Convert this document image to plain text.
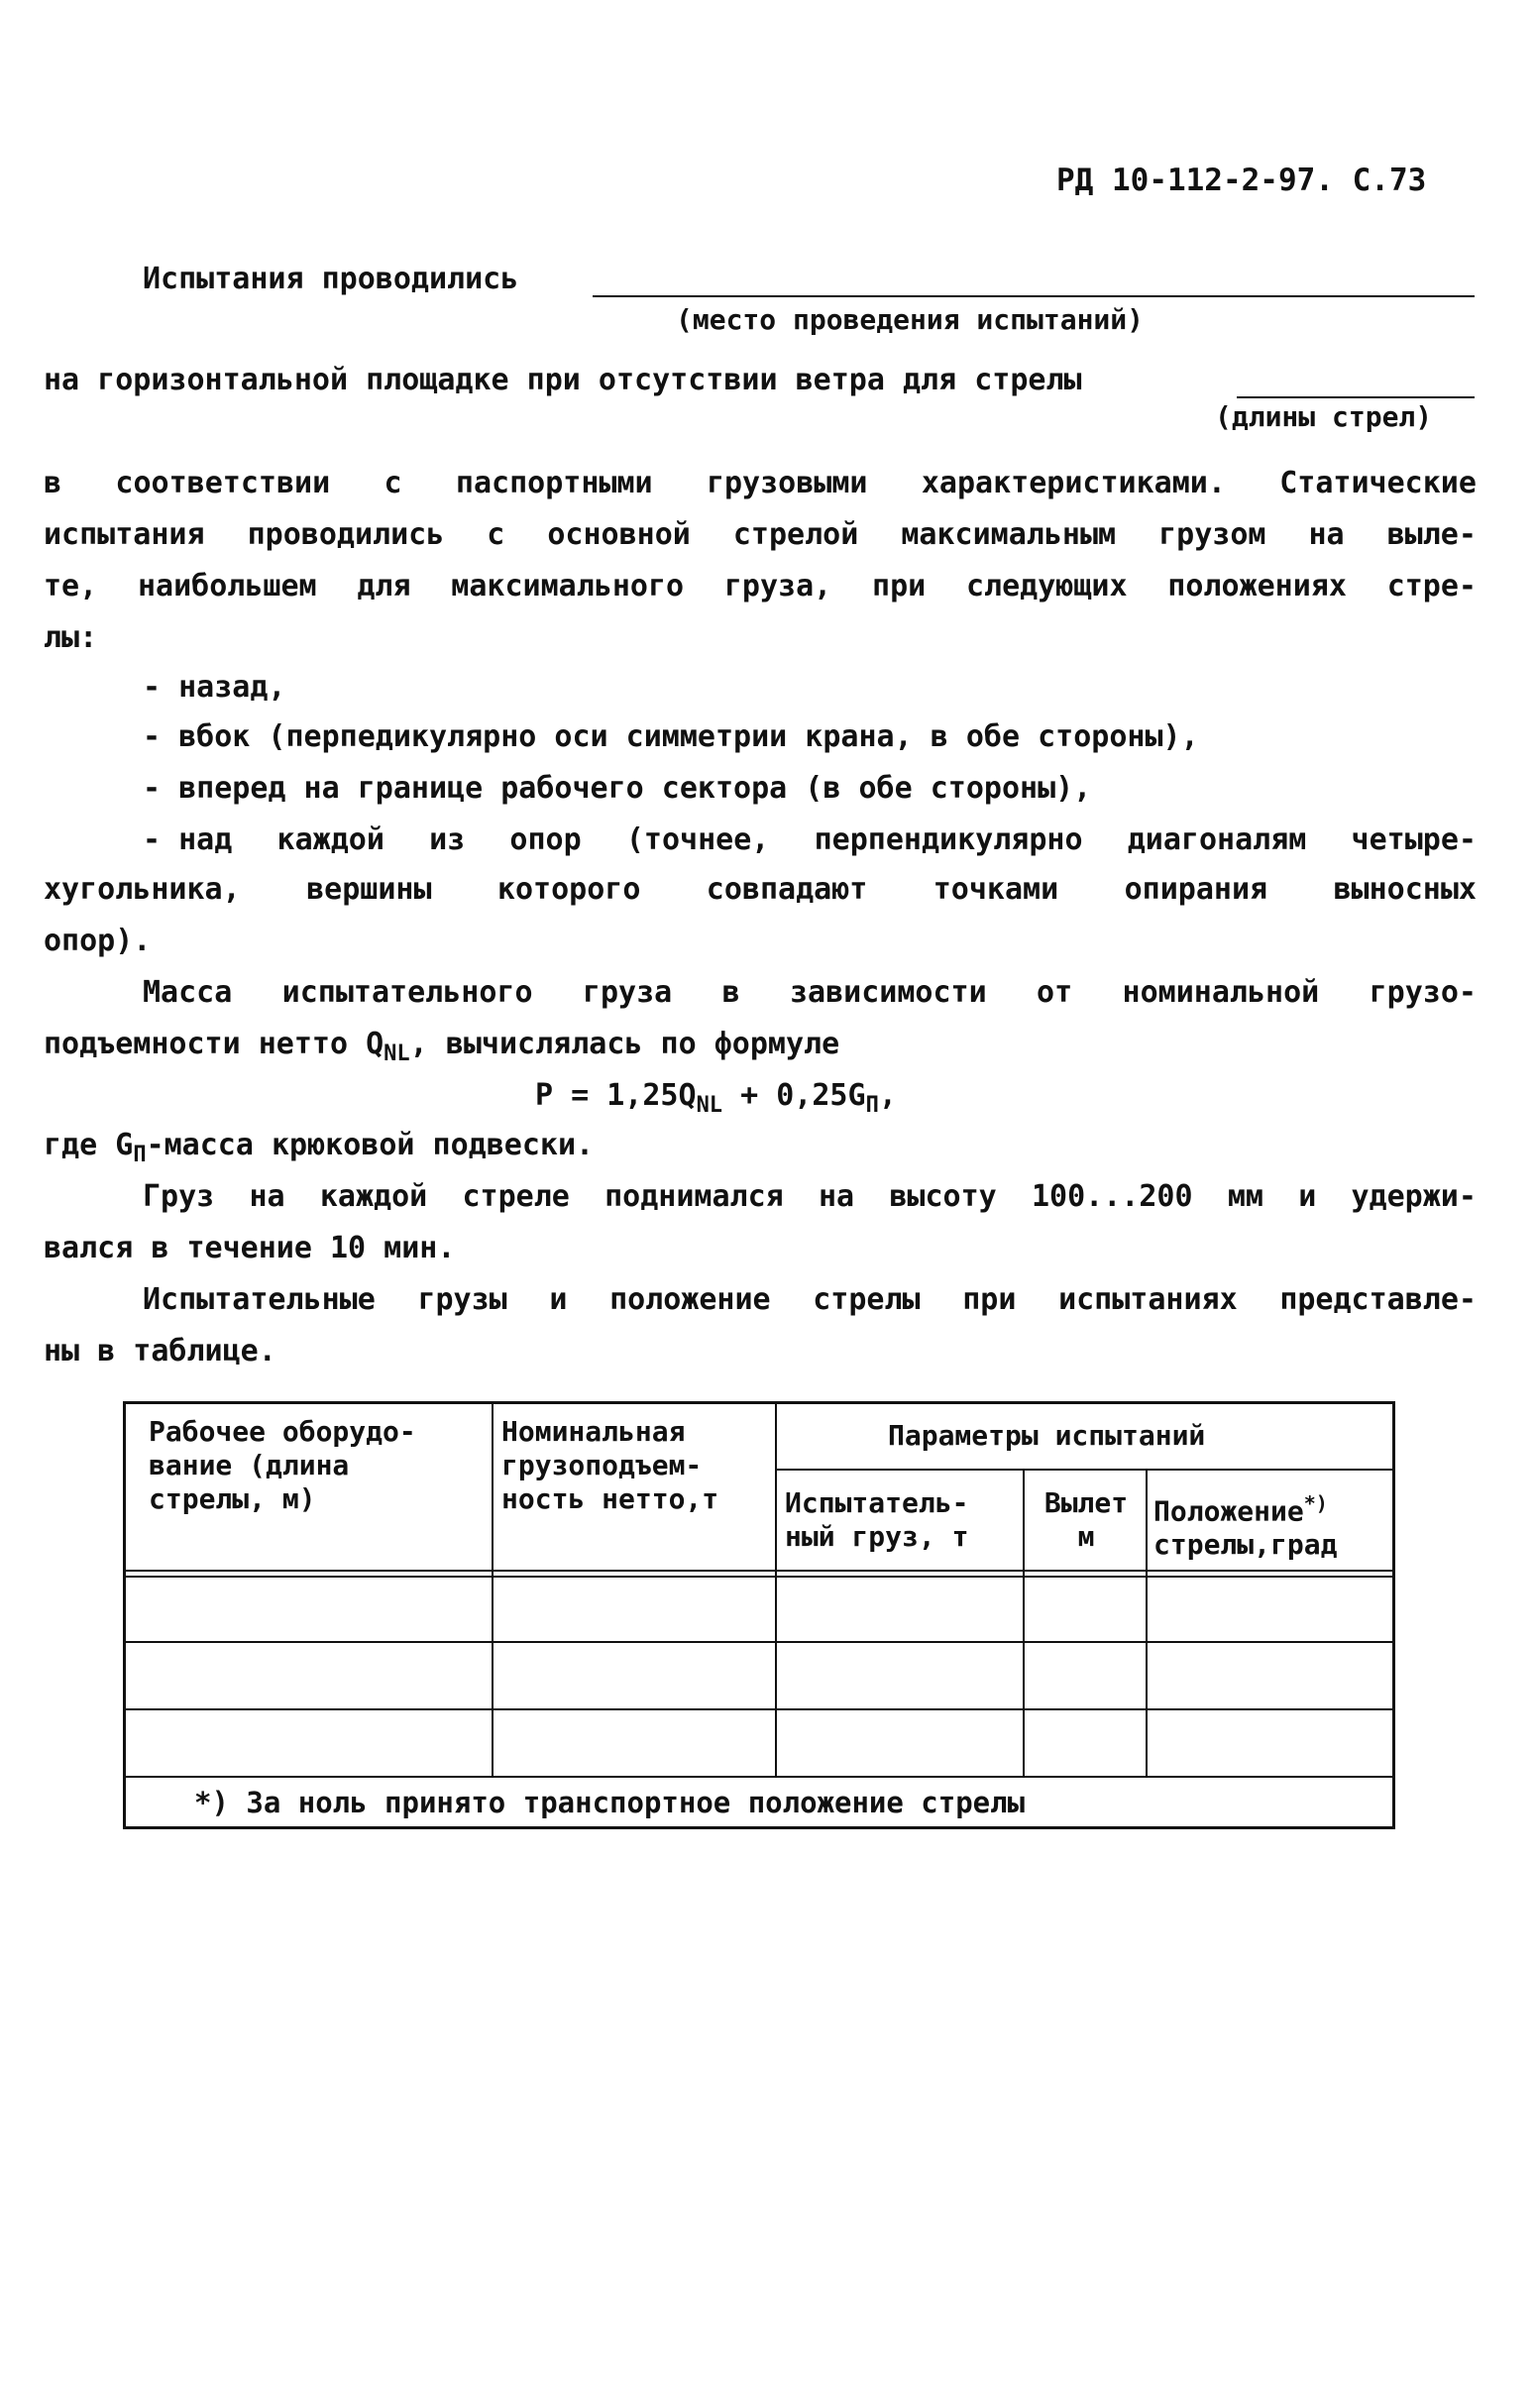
РД 10-112-2-97. С.73
Испытания проводились
(место проведения испытаний)
на горизонтальной площадке при отсутствии ветра для стрелы
(длины стрел)
в соответствии с паспортными грузовыми характеристиками. Статические
испытания проводились с основной стрелой максимальным грузом на выле-
те, наибольшем для максимального груза, при следующих положениях стре-
лы:
- назад,
- вбок (перпедикулярно оси симметрии крана, в обе стороны),
- вперед на границе рабочего сектора (в обе стороны),
- над каждой из опор (точнее, перпендикулярно диагоналям четыре-
хугольника, вершины которого совпадают точками опирания выносных
опор).
Масса испытательного груза в зависимости от номинальной грузо-
подъемности нетто $Q_{NL}$, вычислялась по формуле
$P = 1,25Q_{NL} + 0,25G_П$,
где $G_П$-масса крюковой подвески.
Груз на каждой стреле поднимался на высоту 100...200 мм и удержи-
вался в течение 10 мин.
Испытательные грузы и положение стрелы при испытаниях представле-
ны в таблице.
Рабочее оборудо-
вание (длина
стрелы, м)
Номинальная
грузоподъем-
ность нетто,т
Параметры испытаний
Испытатель-
ный груз, т
Вылет
м
Положение*)
стрелы,град
*) За ноль принято транспортное положение стрелы
